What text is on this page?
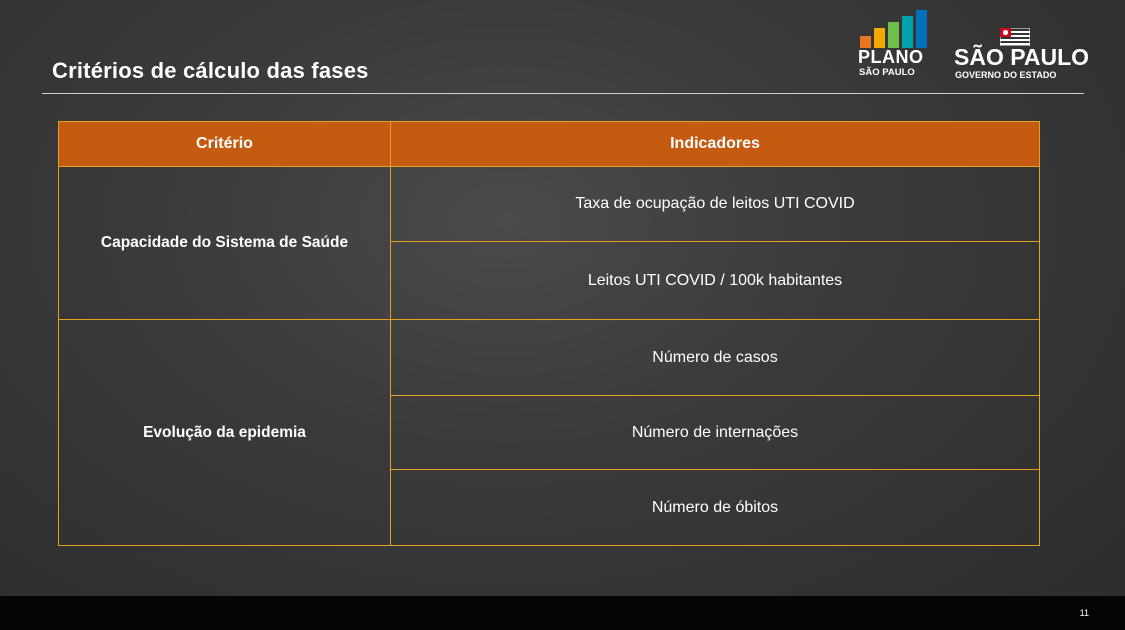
Critérios de cálculo das fases
PLANO
SÃO PAULO
SÃO PAULO
GOVERNO DO ESTADO
Critério	Indicadores
Capacidade do Sistema de Saúde
Taxa de ocupação de leitos UTI COVID
Leitos UTI COVID / 100k habitantes
Evolução da epidemia
Número de casos
Número de internações
Número de óbitos
11
